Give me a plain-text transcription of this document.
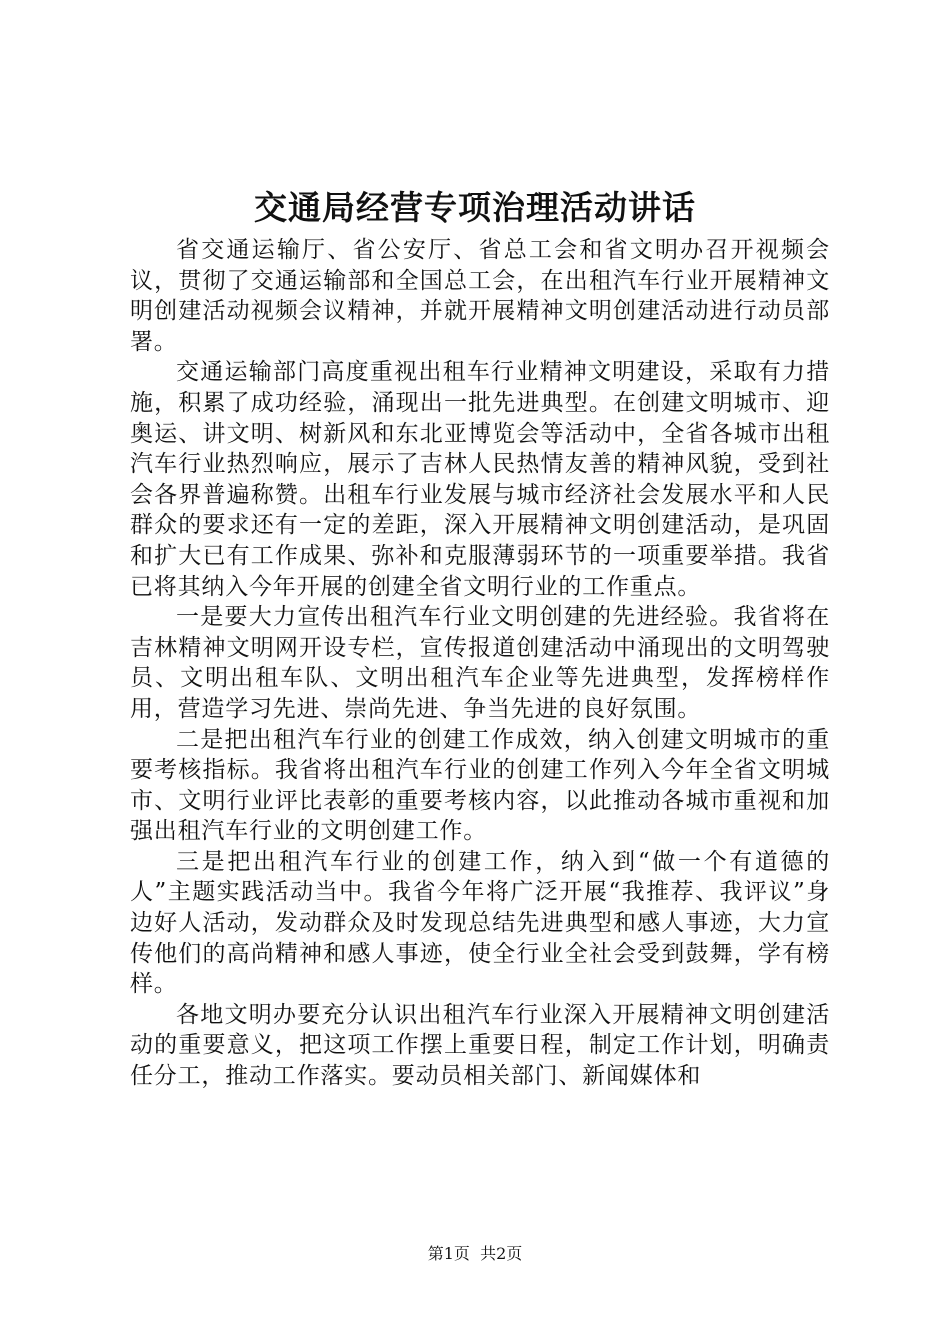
交通局经营专项治理活动讲话

省交通运输厅、省公安厅、省总工会和省文明办召开视频会议，贯彻了交通运输部和全国总工会，在出租汽车行业开展精神文明创建活动视频会议精神，并就开展精神文明创建活动进行动员部署。

交通运输部门高度重视出租车行业精神文明建设，采取有力措施，积累了成功经验，涌现出一批先进典型。在创建文明城市、迎奥运、讲文明、树新风和东北亚博览会等活动中，全省各城市出租汽车行业热烈响应，展示了吉林人民热情友善的精神风貌，受到社会各界普遍称赞。出租车行业发展与城市经济社会发展水平和人民群众的要求还有一定的差距，深入开展精神文明创建活动，是巩固和扩大已有工作成果、弥补和克服薄弱环节的一项重要举措。我省已将其纳入今年开展的创建全省文明行业的工作重点。

一是要大力宣传出租汽车行业文明创建的先进经验。我省将在吉林精神文明网开设专栏，宣传报道创建活动中涌现出的文明驾驶员、文明出租车队、文明出租汽车企业等先进典型，发挥榜样作用，营造学习先进、崇尚先进、争当先进的良好氛围。

二是把出租汽车行业的创建工作成效，纳入创建文明城市的重要考核指标。我省将出租汽车行业的创建工作列入今年全省文明城市、文明行业评比表彰的重要考核内容，以此推动各城市重视和加强出租汽车行业的文明创建工作。

三是把出租汽车行业的创建工作，纳入到“做一个有道德的人”主题实践活动当中。我省今年将广泛开展“我推荐、我评议”身边好人活动，发动群众及时发现总结先进典型和感人事迹，大力宣传他们的高尚精神和感人事迹，使全行业全社会受到鼓舞，学有榜样。

各地文明办要充分认识出租汽车行业深入开展精神文明创建活动的重要意义，把这项工作摆上重要日程，制定工作计划，明确责任分工，推动工作落实。要动员相关部门、新闻媒体和

第1页 共2页
